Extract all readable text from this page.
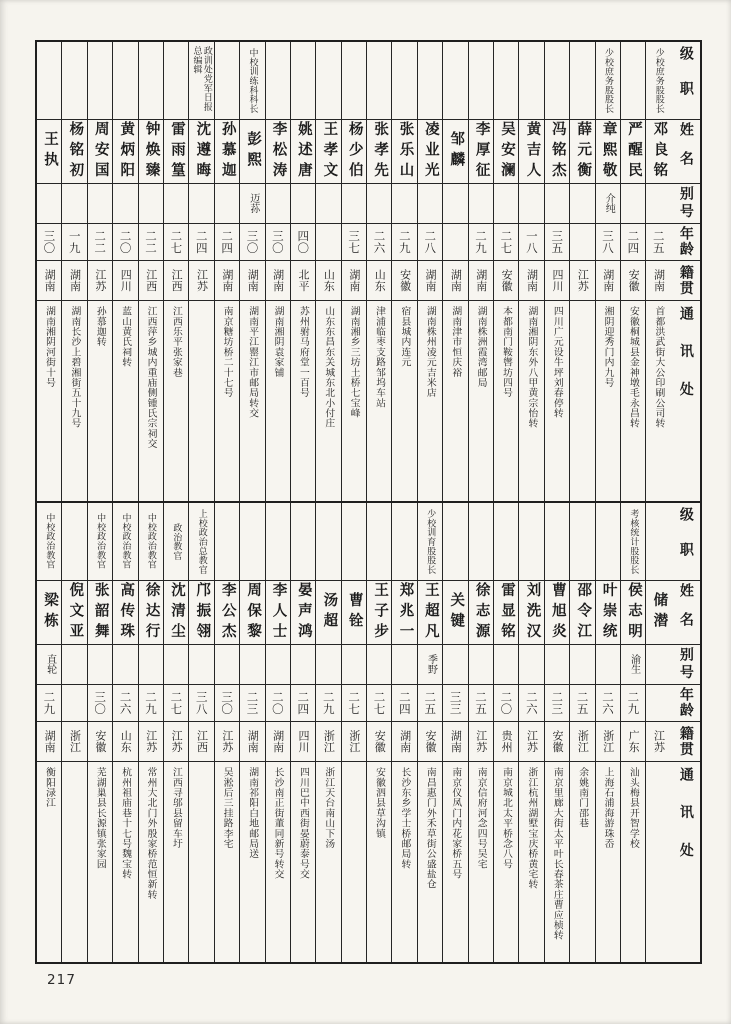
级职
姓名
别号
年龄
籍贯
通讯处
少校庶务股股长
邓良铭
二五
湖南
首都洪武街大公印刷公司转
严醒民
二四
安徽
安徽桐城县金神墩毛永昌转
少校庶务股股长
章熙敬
介纯
三八
湖南
湘阴迎秀门内九号
薛元衡
江苏
冯铭杰
三五
四川
四川广元设牛坪刘春停转
黄吉人
一八
湖南
湖南湘阴东外八甲黄宗怡转
吴安澜
二七
安徽
本都南门鞍辔坊四号
李厚征
二九
湖南
湖南株洲霞湾邮局
邹麟
湖南
湖南津市恒庆裕
凌业光
二八
湖南
湖南株州凌元吉米店
张乐山
二九
安徽
宿县城内连元
张孝先
二六
山东
津浦临枣支路邹坞车站
杨少伯
三七
湖南
湖南湘乡三坊土桥七宝峰
王孝文
山东
山东东昌东关城东北小付庄
姚述唐
四〇
北平
苏州驸马府堂一百号
李松涛
三〇
湖南
湖南湘阴袁家铺
中校训练科科长
彭熙
迈荪
三〇
湖南
湖南平江罂江市邮局转交
孙慕迦
二四
湖南
南京糖坊桥二十七号
政训处党军日报总编辑
沈遵晦
二四
江苏
雷雨篁
二七
江西
江西乐平张家巷
钟焕臻
二二
江西
江西萍乡城内重庙侧锺氏宗祠交
黄炳阳
二〇
四川
蓝山黄氏祠转
周安国
二二
江苏
孙慕迦转
杨铭初
一九
湖南
湖南长沙上碧湘街五十九号
王执
三〇
湖南
湖南湘阴河街十号
级职
姓名
别号
年龄
籍贯
通讯处
储潜
江苏
考核统计股股长
侯志明
渝生
二九
广东
汕头梅县开智学校
叶崇统
二六
浙江
上海石浦海游珠岙
邵令江
二五
浙江
余姚南门邵巷
曹旭炎
二三
安徽
南京里廊大街太平叶长春茶庄曹应桢转
刘洗汉
二六
江苏
浙江杭州湖墅宝庆桥黄宅转
雷显铭
二〇
贵州
南京城北太平桥念八号
徐志源
二五
江苏
南京信府河念四号吴宅
关键
三三
湖南
南京仪凤门内花家桥五号
少校训育股股长
王超凡
季野
二五
安徽
南昌惠门外禾草街公盛盐仓
郑兆一
二四
湖南
长沙东乡学士桥邮局转
王子步
二七
安徽
安徽泗县草沟镇
曹铨
二七
浙江
汤超
二九
浙江
浙江天台南山下汤
晏声鸿
二四
四川
四川巴中西街晏蔚泰号交
李人士
二〇
湖南
长沙南正街董同新号转交
周保黎
二三
湖南
湖南祁阳白地邮局送
李公杰
三〇
江苏
吴淞后三挂路李宅
上校政治总教官
邝振翎
三八
江西
政治教官
沈清尘
二七
江苏
江西寻邬县留车圩
中校政治教官
徐达行
二九
江苏
常州大北门外殷家桥范恒新转
中校政治教官
高传珠
二六
山东
杭州祖庙巷十七号魏宝转
中校政治教官
张韶舞
三〇
安徽
芜湖巢县长源镇张家园
倪文亚
浙江
中校政治教官
梁栋
直轮
二九
湖南
衡阳渌江
217
